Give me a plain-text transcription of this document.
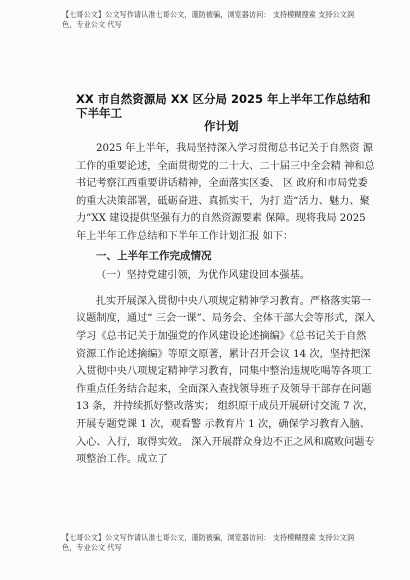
【七哥公文】公文写作请认准七哥公文，谨防被骗，浏览器访问： 支持模糊搜索 支持公文润色，专业公文 代写
XX 市自然资源局 XX 区分局 2025 年上半年工作总结和下半年工
作计划

2025 年上半年，我局坚持深入学习贯彻总书记关于自然资 源工作的重要论述，全面贯彻党的二十大、二十届三中全会精 神和总书记考察江西重要讲话精神，全面落实区委、 区 政府和市局党委的重大决策部署，砥砺奋进、真抓实干，为打 造“活力、魅力、聚力”XX 建设提供坚强有力的自然资源要素 保障。现将我局 2025 年上半年工作总结和下半年工作计划汇报 如下：

一、上半年工作完成情况

（一）坚持党建引领，为优作风建设回本强基。

扎实开展深入贯彻中央八项规定精神学习教育。严格落实第一议题制度，通过“ 三会一课”、局务会、全体干部大会等形式，深入学习《总书记关于加强党的作风建设论述摘编》《总书记关于自然资源工作论述摘编》等原文原著，累计召开会议 14 次，坚持把深入贯彻中央八项规定精神学习教育，同集中整治违规吃喝等各项工作重点任务结合起来，全面深入查找领导班子及领导干部存在问题 13 条，并持续抓好整改落实； 组织原干成员开展研讨交流 7 次，开展专题党课 1 次，观看警 示教育片 1 次，确保学习教育入脑、入心、入行，取得实效。 深入开展群众身边不正之风和腐败问题专项整治工作。成立了

【七哥公文】公文写作请认准七哥公文，谨防被骗，浏览器访问： 支持模糊搜索 支持公文润色，专业公文 代写
